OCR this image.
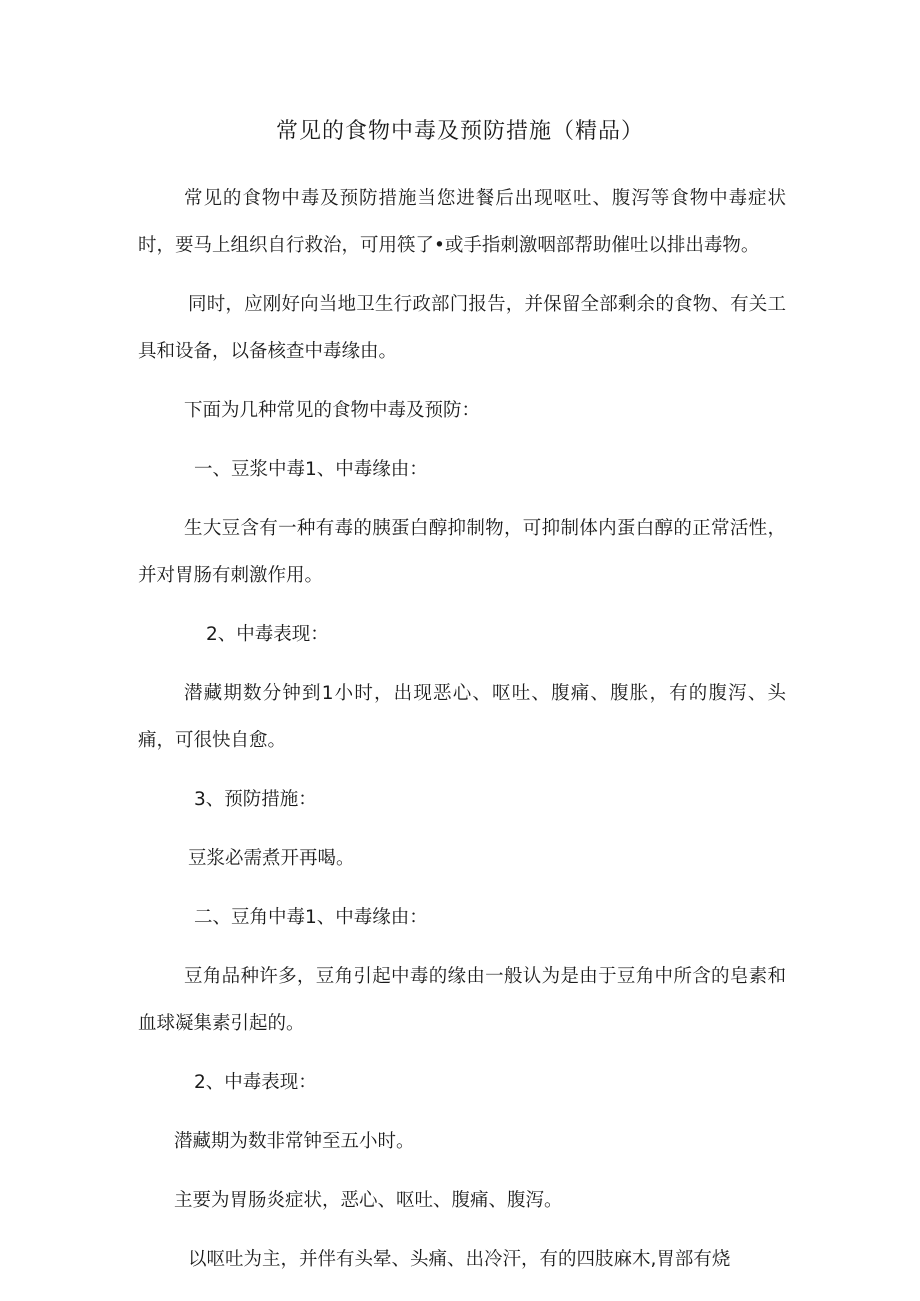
常见的食物中毒及预防措施（精品）

常见的食物中毒及预防措施当您进餐后出现呕吐、腹泻等食物中毒症状时，要马上组织自行救治，可用筷了•或手指刺激咽部帮助催吐以排出毒物。

同时，应刚好向当地卫生行政部门报告，并保留全部剩余的食物、有关工具和设备，以备核查中毒缘由。

下面为几种常见的食物中毒及预防：

一、豆浆中毒1、中毒缘由：

生大豆含有一种有毒的胰蛋白醇抑制物，可抑制体内蛋白醇的正常活性，并对胃肠有刺激作用。

2、中毒表现：

潜藏期数分钟到1小时，出现恶心、呕吐、腹痛、腹胀，有的腹泻、头痛，可很快自愈。

3、预防措施：

豆浆必需煮开再喝。

二、豆角中毒1、中毒缘由：

豆角品种许多，豆角引起中毒的缘由一般认为是由于豆角中所含的皂素和血球凝集素引起的。

2、中毒表现：

潜藏期为数非常钟至五小时。

主要为胃肠炎症状，恶心、呕吐、腹痛、腹泻。

以呕吐为主，并伴有头晕、头痛、出冷汗，有的四肢麻木,胃部有烧
